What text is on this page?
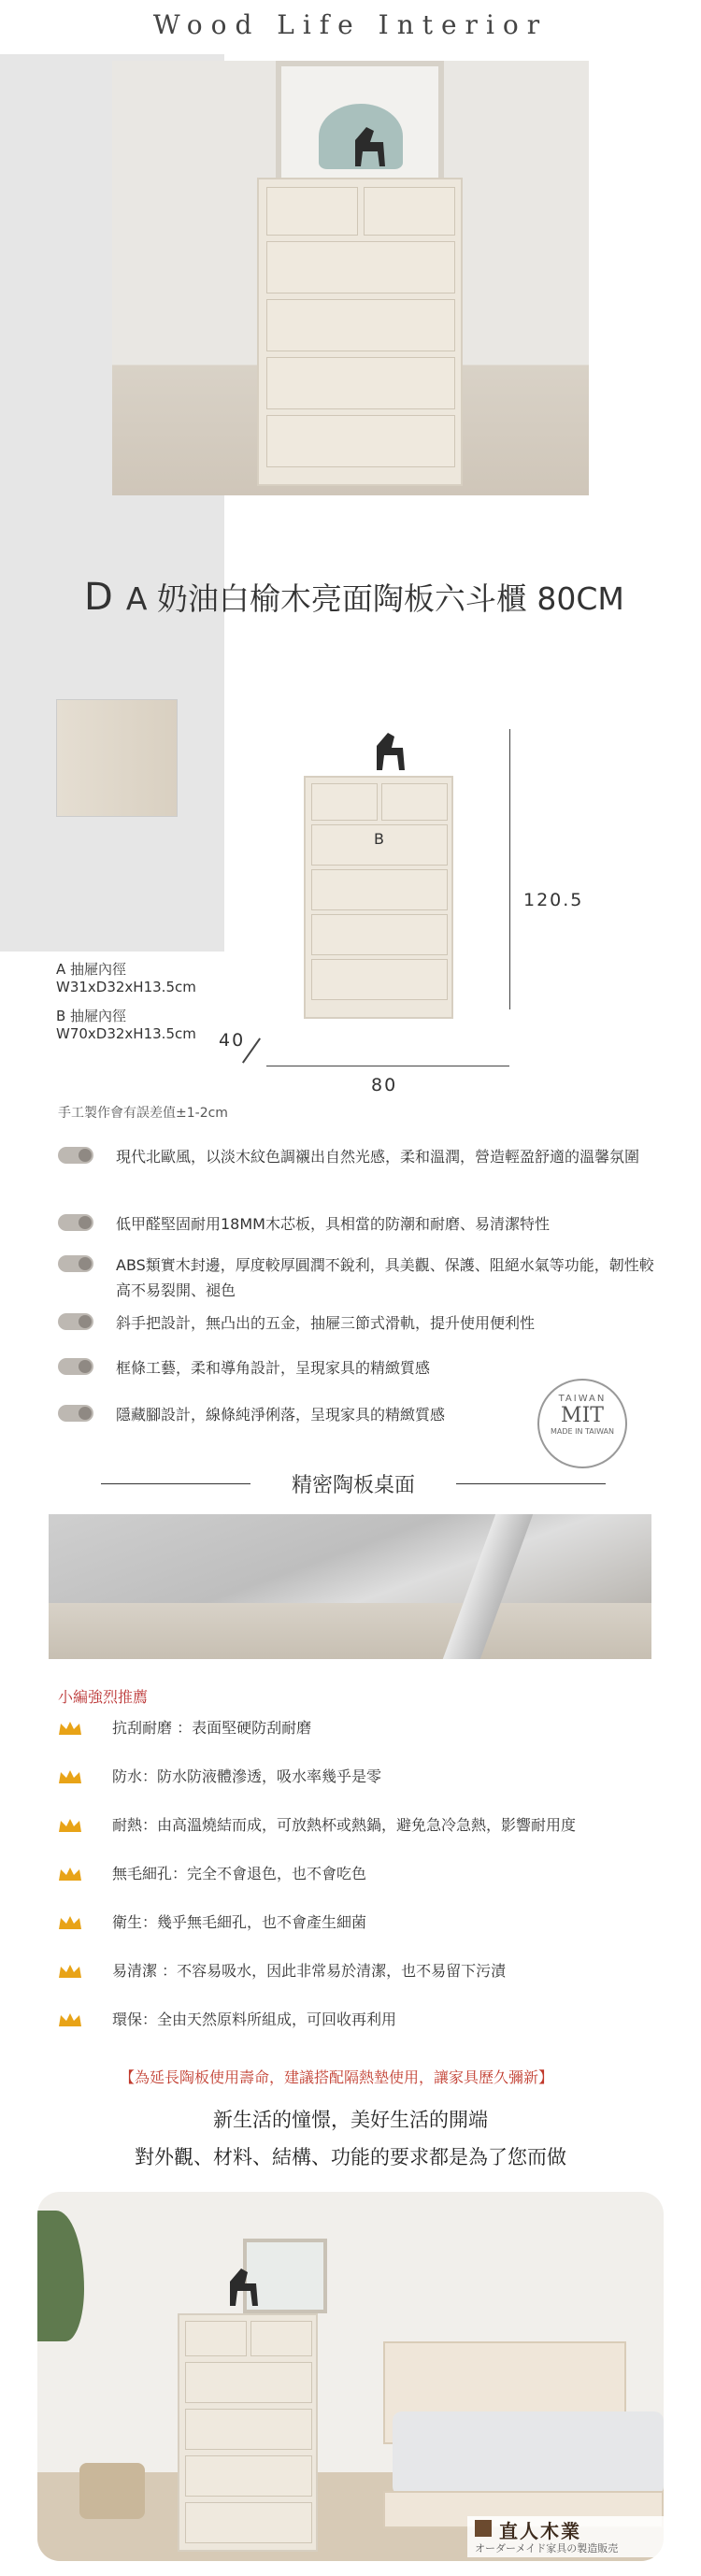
Wood Life Interior
D A 奶油白榆木亮面陶板六斗櫃 80CM
B
120.5
40
80
A 抽屜內徑
W31xD32xH13.5cm
B 抽屜內徑
W70xD32xH13.5cm
手工製作會有誤差值±1-2cm
現代北歐風，以淡木紋色調襯出自然光感，柔和溫潤，營造輕盈舒適的溫馨氛圍
低甲醛堅固耐用18MM木芯板，具相當的防潮和耐磨、易清潔特性
ABS類實木封邊，厚度較厚圓潤不銳利，具美觀、保護、阻絕水氣等功能，韌性較高不易裂開、褪色
斜手把設計，無凸出的五金，抽屜三節式滑軌，提升使用便利性
框條工藝，柔和導角設計，呈現家具的精緻質感
隱藏腳設計，線條純淨俐落，呈現家具的精緻質感
TAIWAN
MIT
MADE IN TAIWAN
精密陶板桌面
小編強烈推薦
抗刮耐磨 ：表面堅硬防刮耐磨
防水：防水防液體滲透，吸水率幾乎是零
耐熱：由高溫燒結而成，可放熱杯或熱鍋，避免急冷急熱，影響耐用度
無毛細孔：完全不會退色，也不會吃色
衛生：幾乎無毛細孔，也不會產生細菌
易清潔 ：不容易吸水，因此非常易於清潔，也不易留下污漬
環保：全由天然原料所組成，可回收再利用
【為延長陶板使用壽命，建議搭配隔熱墊使用，讓家具歷久彌新】
新生活的憧憬，美好生活的開端
對外觀、材料、結構、功能的要求都是為了您而做
直人木業
オーダーメイド家具の製造販売
